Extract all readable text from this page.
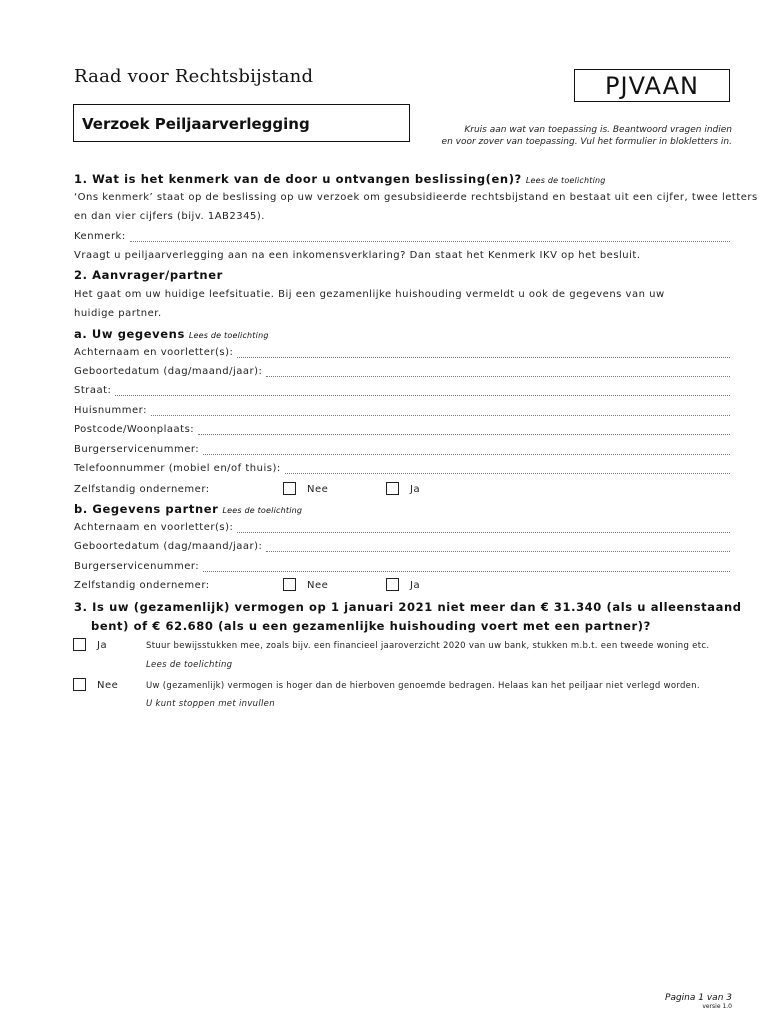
Raad voor Rechtsbijstand	PJVAAN
Verzoek Peiljaarverlegging	Kruis aan wat van toepassing is. Beantwoord vragen indien
en voor zover van toepassing. Vul het formulier in blokletters in.
1. Wat is het kenmerk van de door u ontvangen beslissing(en)? Lees de toelichting
‘Ons kenmerk’ staat op de beslissing op uw verzoek om gesubsidieerde rechtsbijstand en bestaat uit een cijfer, twee letters
en dan vier cijfers (bijv. 1AB2345).
Kenmerk:
Vraagt u peiljaarverlegging aan na een inkomensverklaring? Dan staat het Kenmerk IKV op het besluit.
2. Aanvrager/partner
Het gaat om uw huidige leefsituatie. Bij een gezamenlijke huishouding vermeldt u ook de gegevens van uw
huidige partner.
a. Uw gegevens Lees de toelichting
Achternaam en voorletter(s):
Geboortedatum (dag/maand/jaar):
Straat:
Huisnummer:
Postcode/Woonplaats:
Burgerservicenummer:
Telefoonnummer (mobiel en/of thuis):
Zelfstandig ondernemer:	Nee	Ja
b. Gegevens partner Lees de toelichting
Achternaam en voorletter(s):
Geboortedatum (dag/maand/jaar):
Burgerservicenummer:
Zelfstandig ondernemer:	Nee	Ja
3. Is uw (gezamenlijk) vermogen op 1 januari 2021 niet meer dan € 31.340 (als u alleenstaand
bent) of € 62.680 (als u een gezamenlijke huishouding voert met een partner)?
Ja	Stuur bewijsstukken mee, zoals bijv. een financieel jaaroverzicht 2020 van uw bank, stukken m.b.t. een tweede woning etc.
Lees de toelichting
Nee	Uw (gezamenlijk) vermogen is hoger dan de hierboven genoemde bedragen. Helaas kan het peiljaar niet verlegd worden.
U kunt stoppen met invullen
Pagina 1 van 3
versie 1.0
